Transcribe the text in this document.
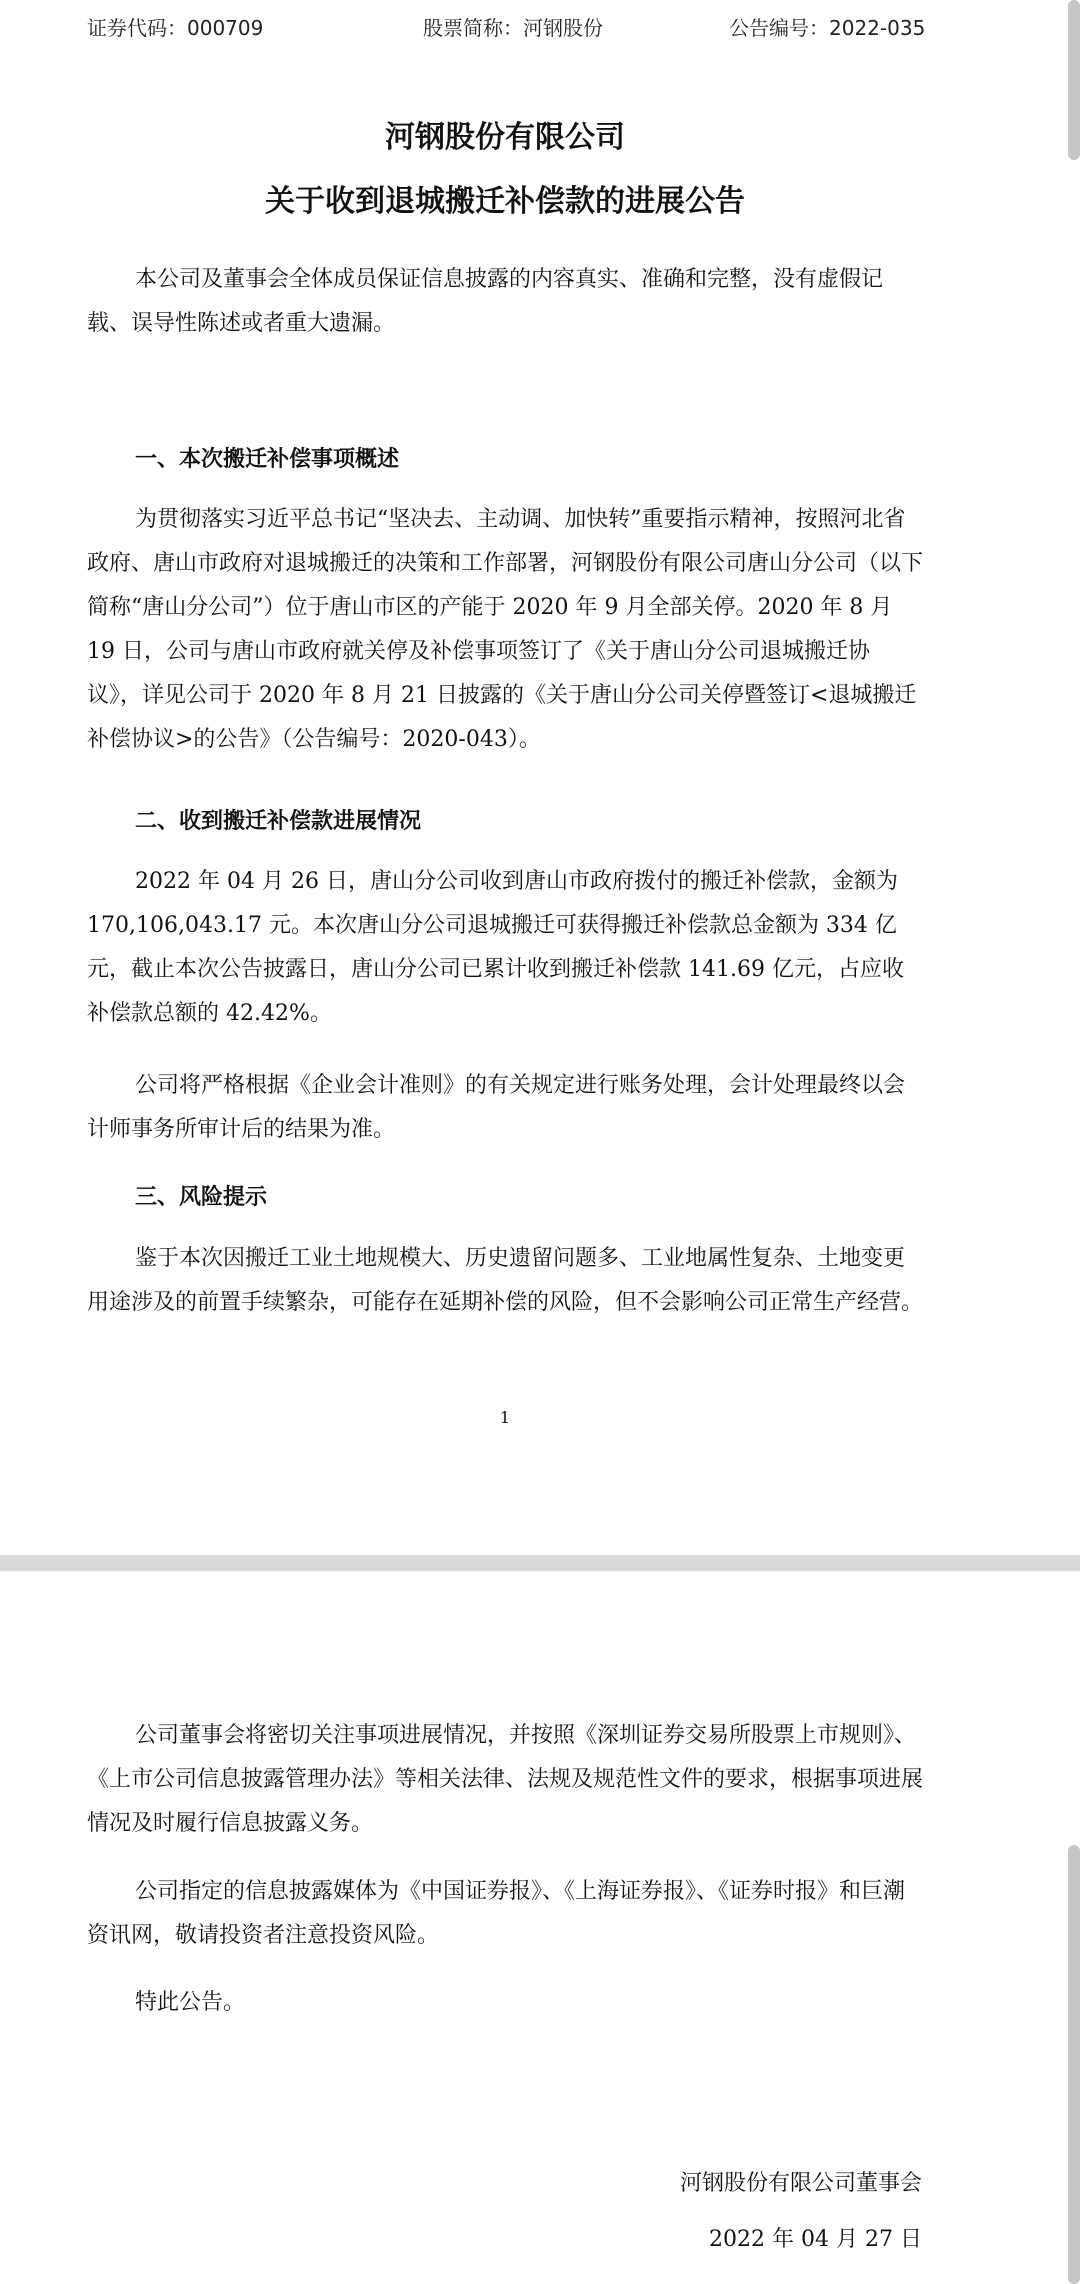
证券代码：000709	股票简称：河钢股份	公告编号：2022-035
河钢股份有限公司
关于收到退城搬迁补偿款的进展公告

本公司及董事会全体成员保证信息披露的内容真实、准确和完整，没有虚假记载、误导性陈述或者重大遗漏。

一、本次搬迁补偿事项概述

为贯彻落实习近平总书记“坚决去、主动调、加快转”重要指示精神，按照河北省政府、唐山市政府对退城搬迁的决策和工作部署，河钢股份有限公司唐山分公司（以下简称“唐山分公司”）位于唐山市区的产能于 2020 年 9 月全部关停。2020 年 8 月 19 日，公司与唐山市政府就关停及补偿事项签订了《关于唐山分公司退城搬迁协议》，详见公司于 2020 年 8 月 21 日披露的《关于唐山分公司关停暨签订<退城搬迁补偿协议>的公告》（公告编号：2020-043）。

二、收到搬迁补偿款进展情况

2022 年 04 月 26 日，唐山分公司收到唐山市政府拨付的搬迁补偿款，金额为 170,106,043.17 元。本次唐山分公司退城搬迁可获得搬迁补偿款总金额为 334 亿元，截止本次公告披露日，唐山分公司已累计收到搬迁补偿款 141.69 亿元，占应收补偿款总额的 42.42%。

公司将严格根据《企业会计准则》的有关规定进行账务处理，会计处理最终以会计师事务所审计后的结果为准。

三、风险提示

鉴于本次因搬迁工业土地规模大、历史遗留问题多、工业地属性复杂、土地变更用途涉及的前置手续繁杂，可能存在延期补偿的风险，但不会影响公司正常生产经营。

1

公司董事会将密切关注事项进展情况，并按照《深圳证券交易所股票上市规则》、《上市公司信息披露管理办法》等相关法律、法规及规范性文件的要求，根据事项进展情况及时履行信息披露义务。

公司指定的信息披露媒体为《中国证券报》、《上海证券报》、《证券时报》和巨潮资讯网，敬请投资者注意投资风险。

特此公告。

河钢股份有限公司董事会
2022 年 04 月 27 日
